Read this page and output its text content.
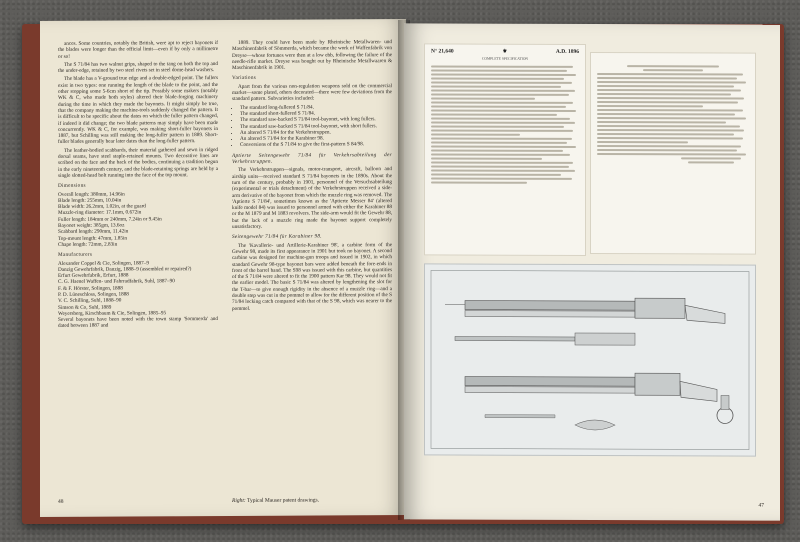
ances. Some countries, notably the British, were apt to reject bayonets if the blades were longer than the official limit—even if by only a millimetre or so!

The S 71/84 has two walnut grips, shaped to the tang on both the top and the under-edge, retained by two steel rivets set in steel dome-head washers.

The blade has a V-ground true edge and a double-edged point. The fullers exist in two types: one running the length of the blade to the point, and the other stopping some 5-6cm short of the tip. Possibly some makers (notably WK & C, who made both styles) altered their blade-forging machinery during the time in which they made the bayonets. It might simply be true, that the company making the machine-tools suddenly changed the pattern. It is difficult to be specific about the dates on which the fuller pattern changed, if indeed it did change; the two blade patterns may simply have been made concurrently. WK & C, for example, was making short-fuller bayonets in 1887, but Schilling was still making the long-fuller pattern in 1889. Short-fuller blades generally bear later dates than the long-fuller pattern.

The leather-bodied scabbards, their material gathered and sewn in ridged dorsal seams, have steel staple-retained mounts. Two decorative lines are scribed on the face and the back of the bodies, continuing a tradition begun in the early nineteenth century, and the blade-retaining springs are held by a single slotted-head bolt running into the face of the top mount.

Dimensions

Overall length: 380mm, 14.96in

Blade length: 255mm, 10.04in

Blade width: 26.2mm, 1.02in, at the guard

Muzzle-ring diameter: 17.1mm, 0.672in

Fuller length: 184mm or 240mm, 7.24in or 9.45in

Bayonet weight: 385gm, 13.6oz

Scabbard length: 290mm, 11.42in

Top-mount length: 47mm, 1.85in

Chape length: 72mm, 2.83in

Manufacturers

Alexander Coppel & Cie, Solingen, 1887–9

Danzig Gewehrfabrik, Danzig, 1888–9 (assembled or repaired?)

Erfurt Gewehrfabrik, Erfurt, 1888

C. G. Haenel Waffen- und Fahrradfabrik, Suhl, 1887–90

F. & F. Hörster, Solingen, 1888

P. D. Lüneschloss, Solingen, 1888

V. C. Schilling, Suhl, 1888–90

Simson & Co, Suhl, 1889

Weyersberg, Kirschbaum & Cie, Solingen, 1885–95

Several bayonets have been noted with the town stamp 'Sommerda' and dated between 1887 and

1889. They could have been made by Rheinische Metallwaren- und Maschinenfabrik of Sömmerda, which became the work of Waffenfabrik von Dreyse—whose fortunes were then at a low ebb, following the failure of the needle-rifle market. Dreyse was bought out by Rheinische Metallwaaren & Maschinenfabrik in 1901.

Variations

Apart from the various non-regulation weapons sold on the commercial market—some plated, others decorated—there were few deviations from the standard pattern. Subvarieties included:

• The standard long-fullered S 71/84.
• The standard short-fullered S 71/84.
• The standard saw-backed S 71/84 tool-bayonet, with long fullers.
• The standard saw-backed S 71/84 tool-bayonet, with short fullers.
• An altered S 71/84 for the Verkehrstruppen.
• An altered S 71/84 for the Karabiner 98.
• Conversions of the S 71/84 to give the first-pattern S 84/98.
Aptierte Seitengewehr 71/84 für Verkehrsabteilung der Verkehrstruppen.

The Verkehrstruppen—signals, motor-transport, aircraft, balloon and airship units—received standard S 71/84 bayonets in the 1890s. About the turn of the century, probably in 1901, personnel of the Versuchsabteilung (experimental or trials detachment) of the Verkehrstruppen received a side-arm derivative of the bayonet from which the muzzle ring was removed. The 'Aptierte S 71/84', sometimes known as the 'Aptierte Messer 84' (altered knife model 84) was issued to personnel armed with either the Karabiner 88 or the M 1879 and M 1883 revolvers. The side-arm would fit the Gewehr 88, but the lack of a muzzle ring made the bayonet support completely unsatisfactory.

Seitengewehr 71/84 für Karabiner 98.

The 'Kavallerie- und Artillerie-Karabiner 98', a carbine form of the Gewehr 98, made its first appearance in 1901 but took no bayonet. A second carbine was designed for machine-gun troops and issued in 1902, in which standard Gewehr 98-type bayonet bars were added beneath the fore-ends in front of the barrel band. The S98 was issued with this carbine, but quantities of the S 71/84 were altered to fit the 1900 pattern Kar 98. They would not fit the earlier model. The basic S 71/84 was altered by lengthening the slot for the T-bar—to give enough rigidity in the absence of a muzzle ring—and a double step was cut in the pommel to allow for the different position of the S 71/84 locking catch compared with that of the S 98, which was nearer to the pommel.

48	Right: Typical Mauser patent drawings.
N° 21,640	⚜	A.D. 1896
COMPLETE SPECIFICATION
47
